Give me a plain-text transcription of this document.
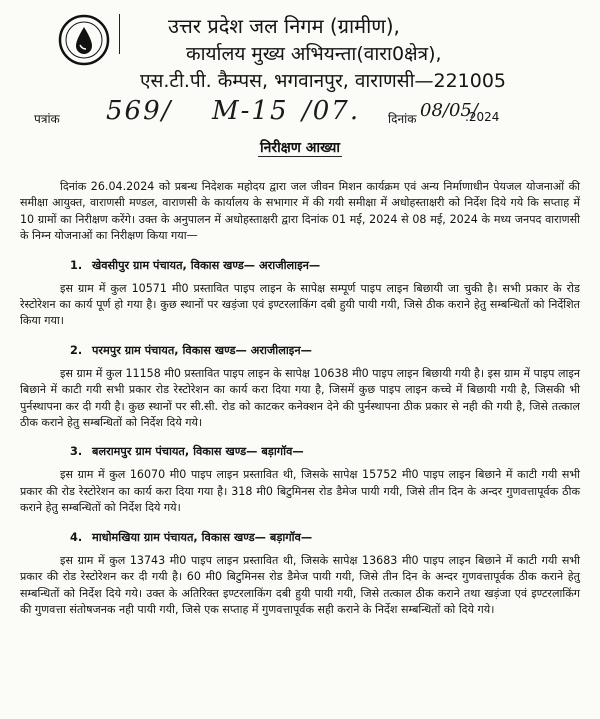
उत्तर प्रदेश जल निगम (ग्रामीण),
कार्यालय मुख्य अभियन्ता(वारा0क्षेत्र),
एस.टी.पी. कैम्पस, भगवानपुर, वाराणसी—221005
पत्रांक 569/ M-15 /07. दिनांक 08/05/
.2024
निरीक्षण आख्या

दिनांक 26.04.2024 को प्रबन्ध निदेशक महोदय द्वारा जल जीवन मिशन कार्यक्रम एवं अन्य निर्माणाधीन पेयजल योजनाओं की समीक्षा आयुक्त, वाराणसी मण्डल, वाराणसी के कार्यालय के सभागार में की गयी समीक्षा में अधोहस्ताक्षरी को निर्देश दिये गये कि सप्ताह में 10 ग्रामों का निरीक्षण करेंगे। उक्त के अनुपालन में अधोहस्ताक्षरी द्वारा दिनांक 01 मई, 2024 से 08 मई, 2024 के मध्य जनपद वाराणसी के निम्न योजनाओं का निरीक्षण किया गया—

1. खेवसीपुर ग्राम पंचायत, विकास खण्ड— अराजीलाइन—

इस ग्राम में कुल 10571 मी0 प्रस्तावित पाइप लाइन के सापेक्ष सम्पूर्ण पाइप लाइन बिछायी जा चुकी है। सभी प्रकार के रोड रेस्टोरेशन का कार्य पूर्ण हो गया है। कुछ स्थानों पर खड़ंजा एवं इण्टरलाकिंग दबी हुयी पायी गयी, जिसे ठीक कराने हेतु सम्बन्धितों को निर्देशित किया गया।

2. परमपुर ग्राम पंचायत, विकास खण्ड— अराजीलाइन—

इस ग्राम में कुल 11158 मी0 प्रस्तावित पाइप लाइन के सापेक्ष 10638 मी0 पाइप लाइन बिछायी गयी है। इस ग्राम में पाइप लाइन बिछाने में काटी गयी सभी प्रकार रोड रेस्टोरेशन का कार्य करा दिया गया है, जिसमें कुछ पाइप लाइन कच्चे में बिछायी गयी है, जिसकी भी पुर्नस्थापना कर दी गयी है। कुछ स्थानों पर सी.सी. रोड को काटकर कनेक्शन देने की पुर्नस्थापना ठीक प्रकार से नही की गयी है, जिसे तत्काल ठीक कराने हेतु सम्बन्धितों को निर्देश दिये गये।

3. बलरामपुर ग्राम पंचायत, विकास खण्ड— बड़ागॉव—

इस ग्राम में कुल 16070 मी0 पाइप लाइन प्रस्तावित थी, जिसके सापेक्ष 15752 मी0 पाइप लाइन बिछाने में काटी गयी सभी प्रकार की रोड रेस्टोरेशन का कार्य करा दिया गया है। 318 मी0 बिटुमिनस रोड डैमेज पायी गयी, जिसे तीन दिन के अन्दर गुणवत्तापूर्वक ठीक कराने हेतु सम्बन्धितों को निर्देश दिये गये।

4. माधोमखिया ग्राम पंचायत, विकास खण्ड— बड़ागॉव—

इस ग्राम में कुल 13743 मी0 पाइप लाइन प्रस्तावित थी, जिसके सापेक्ष 13683 मी0 पाइप लाइन बिछाने में काटी गयी सभी प्रकार की रोड रेस्टोरेशन कर दी गयी है। 60 मी0 बिटुमिनस रोड डैमेज पायी गयी, जिसे तीन दिन के अन्दर गुणवत्तापूर्वक ठीक कराने हेतु सम्बन्धितों को निर्देश दिये गये। उक्त के अतिरिक्त इण्टरलाकिंग दबी हुयी पायी गयी, जिसे तत्काल ठीक कराने तथा खड़ंजा एवं इण्टरलाकिंग की गुणवत्ता संतोषजनक नही पायी गयी, जिसे एक सप्ताह में गुणवत्तापूर्वक सही कराने के निर्देश सम्बन्धितों को दिये गये।
